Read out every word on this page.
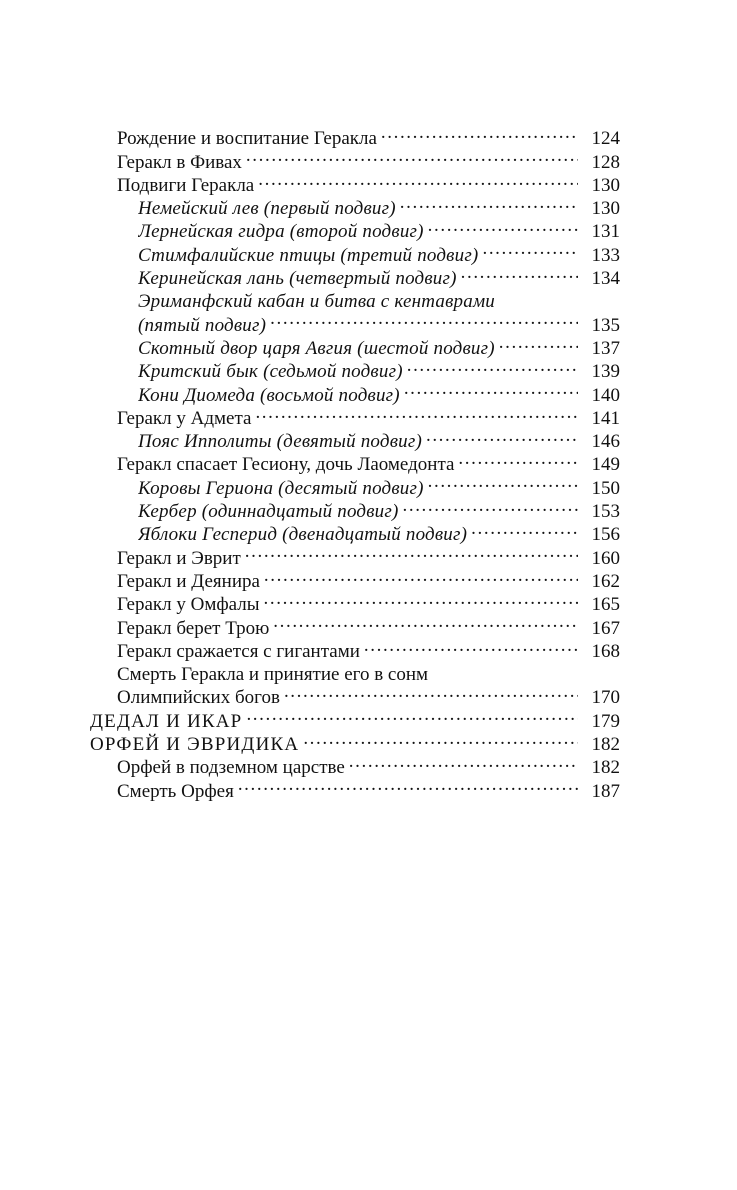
Рождение и воспитание Геракла .....	124
Геракл в Фивах .....	128
Подвиги Геракла .....	130
Немейский лев (первый подвиг) .....	130
Лернейская гидра (второй подвиг) .....	131
Стимфалийские птицы (третий подвиг) .....	133
Керинейская лань (четвертый подвиг) .....	134
Эриманфский кабан и битва с кентаврами
(пятый подвиг) .....	135
Скотный двор царя Авгия (шестой подвиг) .....	137
Критский бык (седьмой подвиг) .....	139
Кони Диомеда (восьмой подвиг) .....	140
Геракл у Адмета .....	141
Пояс Ипполиты (девятый подвиг) .....	146
Геракл спасает Гесиону, дочь Лаомедонта .....	149
Коровы Гериона (десятый подвиг) .....	150
Кербер (одиннадцатый подвиг) .....	153
Яблоки Гесперид (двенадцатый подвиг) .....	156
Геракл и Эврит .....	160
Геракл и Деянира .....	162
Геракл у Омфалы .....	165
Геракл берет Трою .....	167
Геракл сражается с гигантами .....	168
Смерть Геракла и принятие его в сонм
Олимпийских богов .....	170
ДЕДАЛ И ИКАР .....	179
ОРФЕЙ И ЭВРИДИКА .....	182
Орфей в подземном царстве .....	182
Смерть Орфея .....	187
